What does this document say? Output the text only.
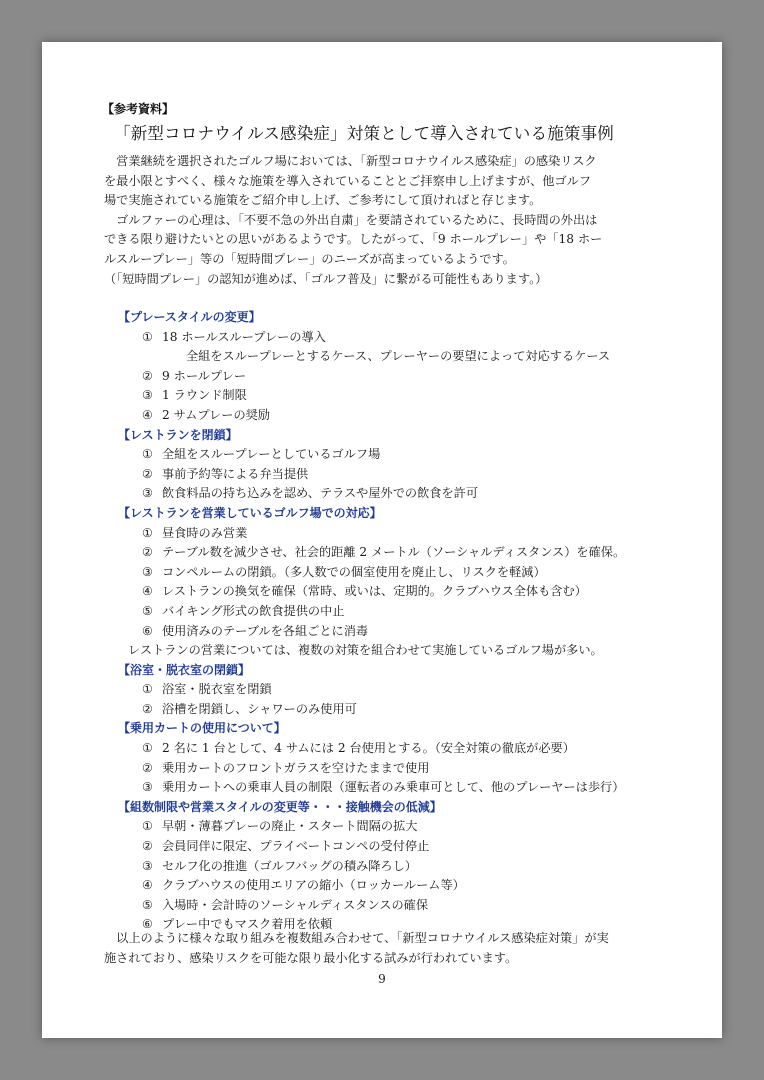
【参考資料】
「新型コロナウイルス感染症」対策として導入されている施策事例
　営業継続を選択されたゴルフ場においては、「新型コロナウイルス感染症」の感染リスク
を最小限とすべく、様々な施策を導入されていることとご拝察申し上げますが、他ゴルフ
場で実施されている施策をご紹介申し上げ、ご参考にして頂ければと存じます。
　ゴルファーの心理は、「不要不急の外出自粛」を要請されているために、長時間の外出は
できる限り避けたいとの思いがあるようです。したがって、「9 ホールプレー」や「18 ホー
ルスループレー」等の「短時間プレー」のニーズが高まっているようです。
（「短時間プレー」の認知が進めば、「ゴルフ普及」に繋がる可能性もあります。）
【プレースタイルの変更】
① 18 ホールスループレーの導入
全組をスループレーとするケース、プレーヤーの要望によって対応するケース
② 9 ホールプレー
③ 1 ラウンド制限
④ 2 サムプレーの奨励
【レストランを閉鎖】
① 全組をスループレーとしているゴルフ場
② 事前予約等による弁当提供
③ 飲食料品の持ち込みを認め、テラスや屋外での飲食を許可
【レストランを営業しているゴルフ場での対応】
① 昼食時のみ営業
② テーブル数を減少させ、社会的距離 2 メートル（ソーシャルディスタンス）を確保。
③ コンペルームの閉鎖。（多人数での個室使用を廃止し、リスクを軽減）
④ レストランの換気を確保（常時、或いは、定期的。クラブハウス全体も含む）
⑤ バイキング形式の飲食提供の中止
⑥ 使用済みのテーブルを各組ごとに消毒
レストランの営業については、複数の対策を組合わせて実施しているゴルフ場が多い。
【浴室・脱衣室の閉鎖】
① 浴室・脱衣室を閉鎖
② 浴槽を閉鎖し、シャワーのみ使用可
【乗用カートの使用について】
① 2 名に 1 台として、4 サムには 2 台使用とする。（安全対策の徹底が必要）
② 乗用カートのフロントガラスを空けたままで使用
③ 乗用カートへの乗車人員の制限（運転者のみ乗車可として、他のプレーヤーは歩行）
【組数制限や営業スタイルの変更等・・・接触機会の低減】
① 早朝・薄暮プレーの廃止・スタート間隔の拡大
② 会員同伴に限定、プライベートコンペの受付停止
③ セルフ化の推進（ゴルフバッグの積み降ろし）
④ クラブハウスの使用エリアの縮小（ロッカールーム等）
⑤ 入場時・会計時のソーシャルディスタンスの確保
⑥ プレー中でもマスク着用を依頼
　以上のように様々な取り組みを複数組み合わせて、「新型コロナウイルス感染症対策」が実
施されており、感染リスクを可能な限り最小化する試みが行われています。
9
